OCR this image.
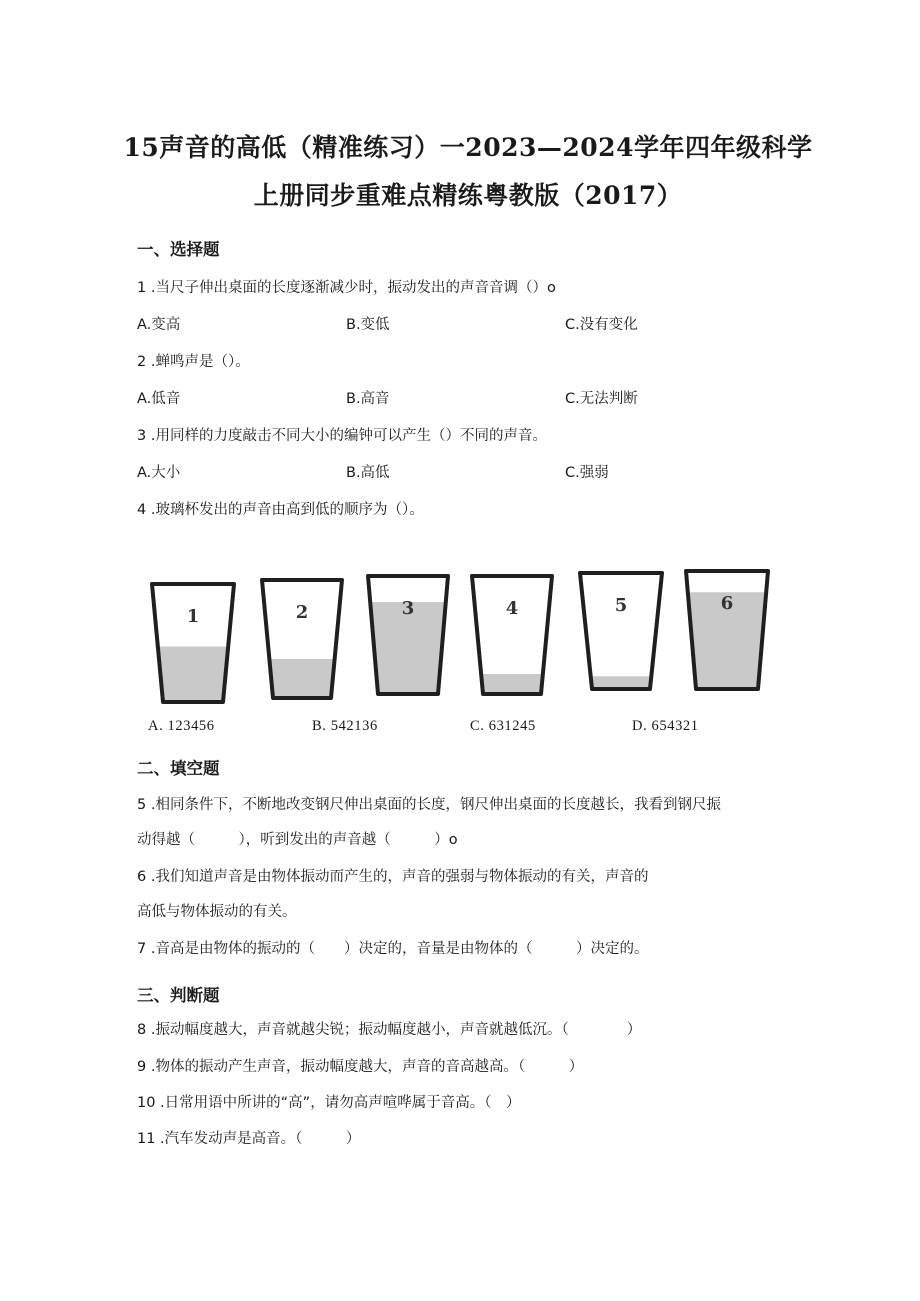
15声音的高低（精准练习）一2023—2024学年四年级科学
上册同步重难点精练粤教版（2017）
一、选择题
1 .当尺子伸出桌面的长度逐渐减少时，振动发出的声音音调（）o
A.变高	B.变低	C.没有变化
2 .蝉鸣声是（）。
A.低音	B.高音	C.无法判断
3 .用同样的力度敲击不同大小的编钟可以产生（）不同的声音。
A.大小	B.高低	C.强弱
4 .玻璃杯发出的声音由高到低的顺序为（）。
1	2	3	4	5	6
A. 123456	B. 542136	C. 631245	D. 654321
二、填空题
5 .相同条件下，不断地改变钢尺伸出桌面的长度，钢尺伸出桌面的长度越长，我看到钢尺振
动得越（　　　），听到发出的声音越（　　　）o
6 .我们知道声音是由物体振动而产生的，声音的强弱与物体振动的有关，声音的
高低与物体振动的有关。
7 .音高是由物体的振动的（　　）决定的，音量是由物体的（　　　）决定的。
三、判断题
8 .振动幅度越大，声音就越尖锐；振动幅度越小，声音就越低沉。（　　　　）
9 .物体的振动产生声音，振动幅度越大，声音的音高越高。（　　　）
10 .日常用语中所讲的“高”，请勿高声喧哗属于音高。（　）
11 .汽车发动声是高音。（　　　）
